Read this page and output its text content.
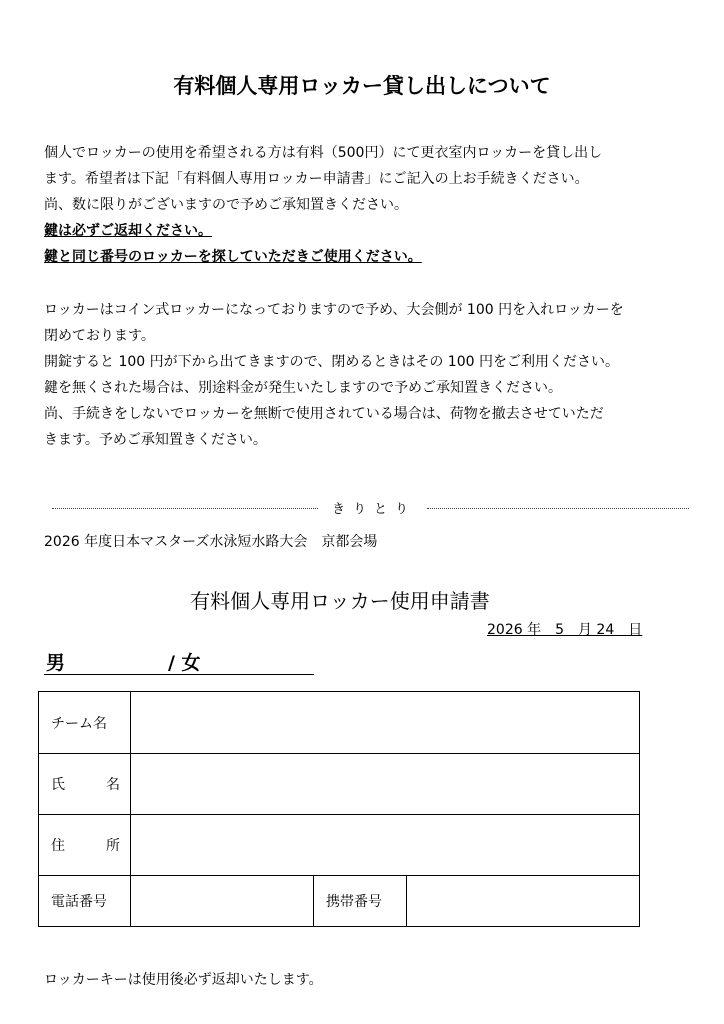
有料個人専用ロッカー貸し出しについて
個人でロッカーの使用を希望される方は有料（500円）にて更衣室内ロッカーを貸し出し
ます。希望者は下記「有料個人専用ロッカー申請書」にご記入の上お手続きください。
尚、数に限りがございますので予めご承知置きください。
鍵は必ずご返却ください。
鍵と同じ番号のロッカーを探していただきご使用ください。
ロッカーはコイン式ロッカーになっておりますので予め、大会側が 100 円を入れロッカーを
閉めております。
開錠すると 100 円が下から出てきますので、閉めるときはその 100 円をご利用ください。
鍵を無くされた場合は、別途料金が発生いたしますので予めご承知置きください。
尚、手続きをしないでロッカーを無断で使用されている場合は、荷物を撤去させていただ
きます。予めご承知置きください。
きりとり
2026 年度日本マスターズ水泳短水路大会　京都会場
有料個人専用ロッカー使用申請書
2026 年　5　月 24　日
男	/ 女
チーム名			

氏 名			

住 所			

電話番号		携帯番号	
ロッカーキーは使用後必ず返却いたします。
